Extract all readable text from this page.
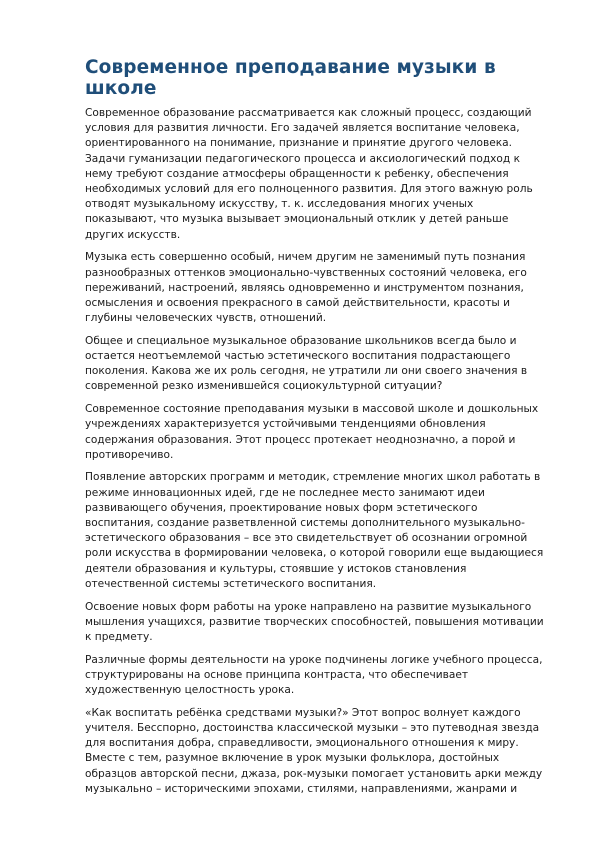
Современное преподавание музыки в школе

Современное образование рассматривается как сложный процесс, создающий условия для развития личности. Его задачей является воспитание человека, ориентированного на понимание, признание и принятие другого человека. Задачи гуманизации педагогического процесса и аксиологический подход к нему требуют создание атмосферы обращенности к ребенку, обеспечения необходимых условий для его полноценного развития. Для этого важную роль отводят музыкальному искусству, т. к. исследования многих ученых показывают, что музыка вызывает эмоциональный отклик у детей раньше других искусств.

Музыка есть совершенно особый, ничем другим не заменимый путь познания разнообразных оттенков эмоционально-чувственных состояний человека, его переживаний, настроений, являясь одновременно и инструментом познания, осмысления и освоения прекрасного в самой действительности, красоты и глубины человеческих чувств, отношений.

Общее и специальное музыкальное образование школьников всегда было и остается неотъемлемой частью эстетического воспитания подрастающего поколения. Какова же их роль сегодня, не утратили ли они своего значения в современной резко изменившейся социокультурной ситуации?

Современное состояние преподавания музыки в массовой школе и дошкольных учреждениях характеризуется устойчивыми тенденциями обновления содержания образования. Этот процесс протекает неоднозначно, а порой и противоречиво.

Появление авторских программ и методик, стремление многих школ работать в режиме инновационных идей, где не последнее место занимают идеи развивающего обучения, проектирование новых форм эстетического воспитания, создание разветвленной системы дополнительного музыкально-эстетического образования – все это свидетельствует об осознании огромной роли искусства в формировании человека, о которой говорили еще выдающиеся деятели образования и культуры, стоявшие у истоков становления отечественной системы эстетического воспитания.

Освоение новых форм работы на уроке направлено на развитие музыкального мышления учащихся, развитие творческих способностей, повышения мотивации к предмету.

Различные формы деятельности на уроке подчинены логике учебного процесса, структурированы на основе принципа контраста, что обеспечивает художественную целостность урока.

«Как воспитать ребёнка средствами музыки?» Этот вопрос волнует каждого учителя. Бесспорно, достоинства классической музыки – это путеводная звезда для воспитания добра, справедливости, эмоционального отношения к миру. Вместе с тем, разумное включение в урок музыки фольклора, достойных образцов авторской песни, джаза, рок-музыки помогает установить арки между музыкально – историческими эпохами, стилями, направлениями, жанрами и
